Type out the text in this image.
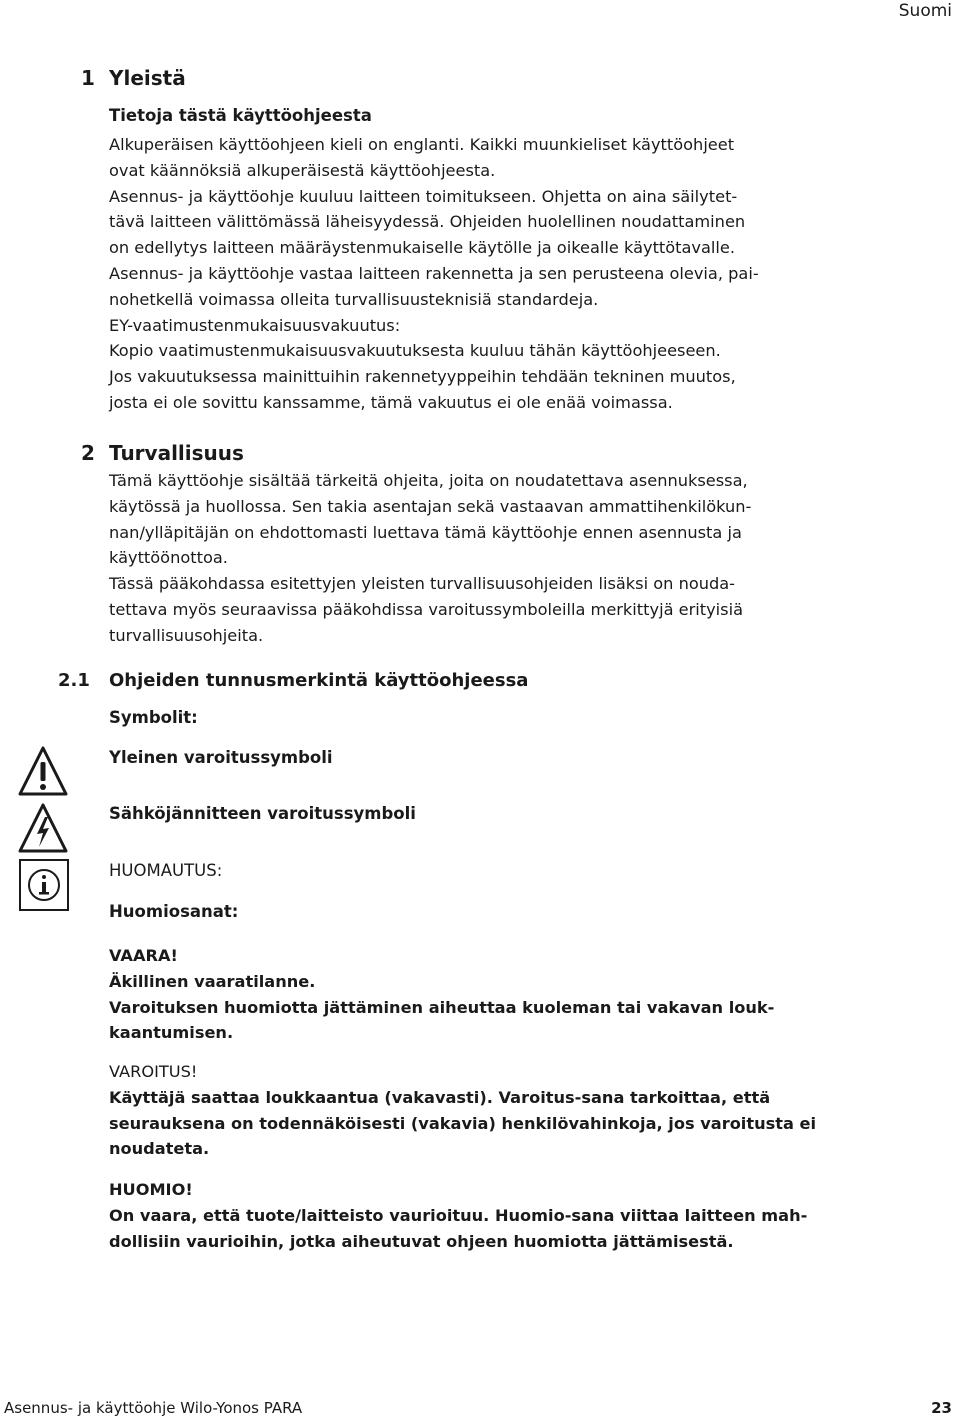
Suomi
1 Yleistä
Tietoja tästä käyttöohjeesta

Alkuperäisen käyttöohjeen kieli on englanti. Kaikki muunkieliset käyttöohjeet

ovat käännöksiä alkuperäisestä käyttöohjeesta.

Asennus- ja käyttöohje kuuluu laitteen toimitukseen. Ohjetta on aina säilytet-

tävä laitteen välittömässä läheisyydessä. Ohjeiden huolellinen noudattaminen

on edellytys laitteen määräystenmukaiselle käytölle ja oikealle käyttötavalle.

Asennus- ja käyttöohje vastaa laitteen rakennetta ja sen perusteena olevia, pai-

nohetkellä voimassa olleita turvallisuusteknisiä standardeja.

EY-vaatimustenmukaisuusvakuutus:

Kopio vaatimustenmukaisuusvakuutuksesta kuuluu tähän käyttöohjeeseen.

Jos vakuutuksessa mainittuihin rakennetyyppeihin tehdään tekninen muutos,

josta ei ole sovittu kanssamme, tämä vakuutus ei ole enää voimassa.

2 Turvallisuus

Tämä käyttöohje sisältää tärkeitä ohjeita, joita on noudatettava asennuksessa,

käytössä ja huollossa. Sen takia asentajan sekä vastaavan ammattihenkilökun-

nan/ylläpitäjän on ehdottomasti luettava tämä käyttöohje ennen asennusta ja

käyttöönottoa.

Tässä pääkohdassa esitettyjen yleisten turvallisuusohjeiden lisäksi on nouda-

tettava myös seuraavissa pääkohdissa varoitussymboleilla merkittyjä erityisiä

turvallisuusohjeita.

2.1 Ohjeiden tunnusmerkintä käyttöohjeessa
Symbolit:
Yleinen varoitussymboli
Sähköjännitteen varoitussymboli
HUOMAUTUS:
Huomiosanat:

VAARA!

Äkillinen vaaratilanne.

Varoituksen huomiotta jättäminen aiheuttaa kuoleman tai vakavan louk-

kaantumisen.

VAROITUS!

Käyttäjä saattaa loukkaantua (vakavasti). Varoitus-sana tarkoittaa, että

seurauksena on todennäköisesti (vakavia) henkilövahinkoja, jos varoitusta ei

noudateta.

HUOMIO!

On vaara, että tuote/laitteisto vaurioituu. Huomio-sana viittaa laitteen mah-

dollisiin vaurioihin, jotka aiheutuvat ohjeen huomiotta jättämisestä.

Asennus- ja käyttöohje Wilo-Yonos PARA	23
